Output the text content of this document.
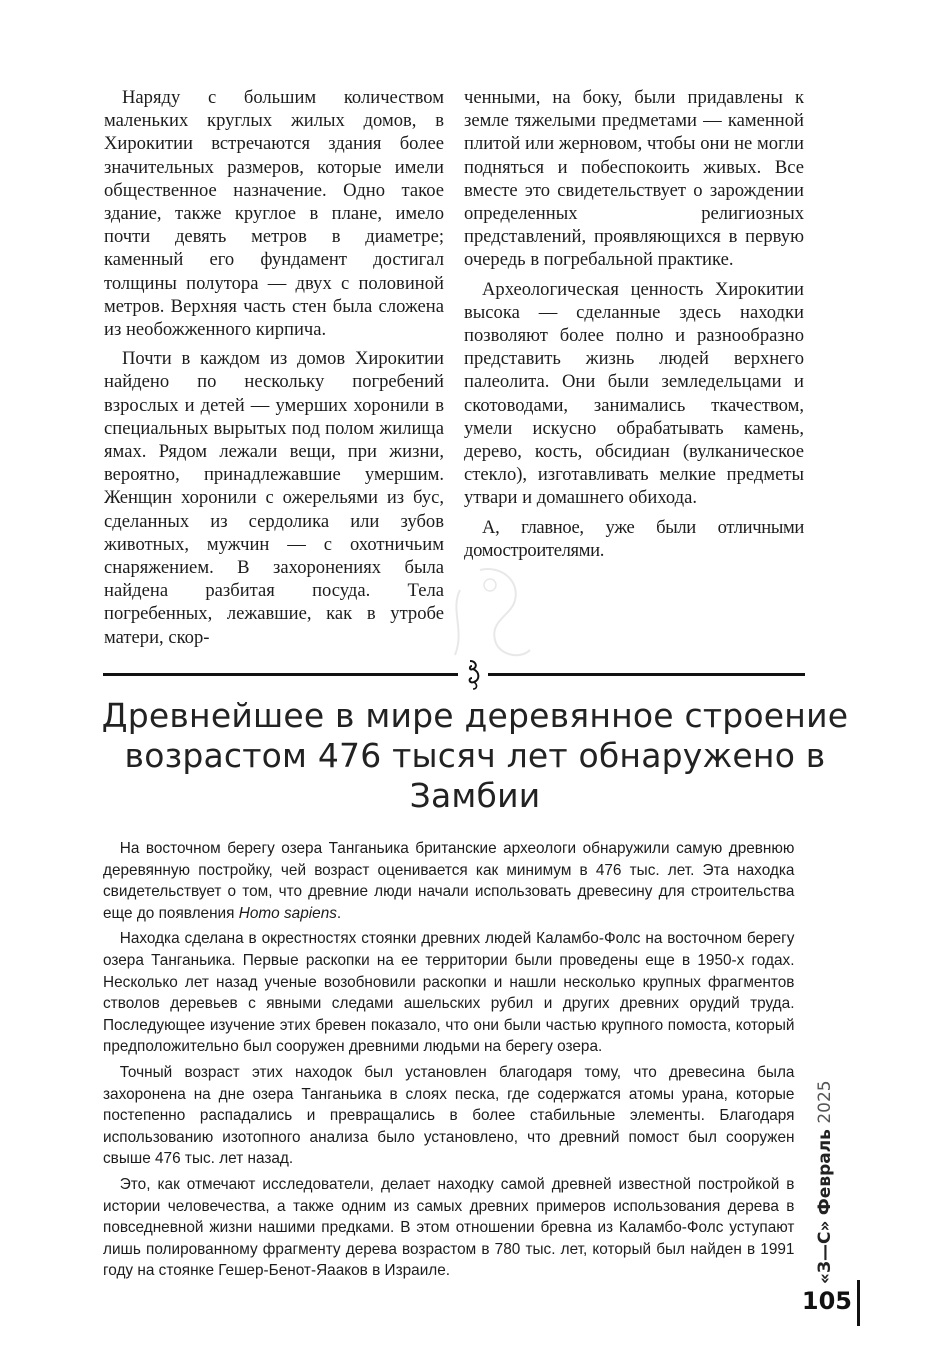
Наряду с большим количеством маленьких круглых жилых домов, в Хирокитии встречаются здания более значительных размеров, которые имели общественное назначение. Одно такое здание, также круглое в плане, имело почти девять метров в диаметре; каменный его фундамент достигал толщины полутора — двух с половиной метров. Верхняя часть стен была сложена из необожженного кирпича.

Почти в каждом из домов Хирокитии найдено по нескольку погребений взрослых и детей — умерших хоронили в специальных вырытых под полом жилища ямах. Рядом лежали вещи, при жизни, вероятно, принадлежавшие умершим. Женщин хоронили с ожерельями из бус, сделанных из сердолика или зубов животных, мужчин — с охотничьим снаряжением. В захоронениях была найдена разбитая посуда. Тела погребенных, лежавшие, как в утробе матери, скор-

ченными, на боку, были придавлены к земле тяжелыми предметами — каменной плитой или жерновом, чтобы они не могли подняться и побеспокоить живых. Все вместе это свидетельствует о зарождении определенных религиозных представлений, проявляющихся в первую очередь в погребальной практике.

Археологическая ценность Хирокитии высока — сделанные здесь находки позволяют более полно и разнообразно представить жизнь людей верхнего палеолита. Они были земледельцами и скотоводами, занимались ткачеством, умели искусно обрабатывать камень, дерево, кость, обсидиан (вулканическое стекло), изготавливать мелкие предметы утвари и домашнего обихода.

А, главное, уже были отличными домостроителями.

Древнейшее в мире деревянное строение возрастом 476 тысяч лет обнаружено в Замбии

На восточном берегу озера Танганьика британские археологи обнаружили самую древнюю деревянную постройку, чей возраст оценивается как минимум в 476 тыс. лет. Эта находка свидетельствует о том, что древние люди начали использовать древесину для строительства еще до появления Homo sapiens.

Находка сделана в окрестностях стоянки древних людей Каламбо-Фолс на восточном берегу озера Танганьика. Первые раскопки на ее территории были проведены еще в 1950-х годах. Несколько лет назад ученые возобновили раскопки и нашли несколько крупных фрагментов стволов деревьев с явными следами ашельских рубил и других древних орудий труда. Последующее изучение этих бревен показало, что они были частью крупного помоста, который предположительно был сооружен древними людьми на берегу озера.

Точный возраст этих находок был установлен благодаря тому, что древесина была захоронена на дне озера Танганьика в слоях песка, где содержатся атомы урана, которые постепенно распадались и превращались в более стабильные элементы. Благодаря использованию изотопного анализа было установлено, что древний помост был сооружен свыше 476 тыс. лет назад.

Это, как отмечают исследователи, делает находку самой древней известной постройкой в истории человечества, а также одним из самых древних примеров использования дерева в повседневной жизни нашими предками. В этом отношении бревна из Каламбо-Фолс уступают лишь полированному фрагменту дерева возрастом в 780 тыс. лет, который был найден в 1991 году на стоянке Гешер-Бенот-Яааков в Израиле.	«З—С» Февраль 2025
105
